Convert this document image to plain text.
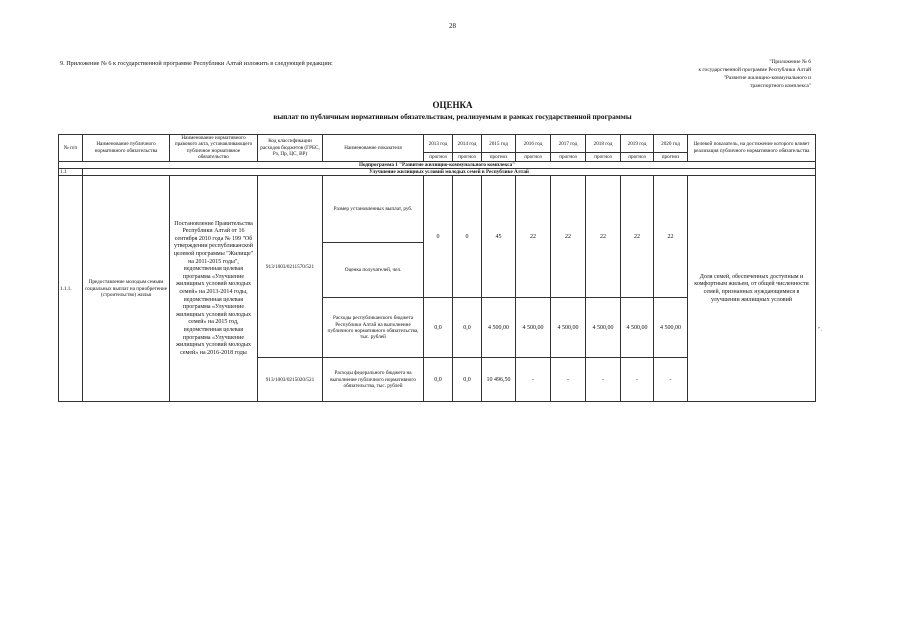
28
9. Приложение № 6 к государственной программе Республики Алтай изложить в следующей редакции:	"Приложение № 6
к государственной программе Республики Алтай
"Развитие жилищно-коммунального и
транспортного комплекса"
ОЦЕНКА
выплат по публичным нормативным обязательствам, реализуемым в рамках государственной программы
№ п/п	Наименование публичного нормативного обязательства	Наименование нормативного правового акта, устанавливающего публичное нормативное обязательство	Код классификации расходов бюджетов (ГРБС, Рз, Пр, ЦС, ВР)	Наименование показателя	2013 год	2014 год	2015 год	2016 год	2017 год	2018 год	2019 год	2020 год	Целевой показатель, на достижение которого влияет реализация публичного нормативного обязательства
					прогноз	прогноз	прогноз	прогноз	прогноз	прогноз	прогноз	прогноз	
Подпрограмма 1 "Развитие жилищно-коммунального комплекса"													
1.1	Улучшение жилищных условий молодых семей в Республике Алтай												
1.1.1.	Предоставление молодым семьям социальных выплат на приобретение (строительство) жилья	Постановление Правительства Республики Алтай от 16 сентября 2010 года № 199 "Об утверждении республиканской целевой программы "Жилище" на 2011-2015 годы", ведомственная целевая программа «Улучшение жилищных условий молодых семей» на 2013-2014 годы, ведомственная целевая программа «Улучшение жилищных условий молодых семей» на 2015 год, ведомственная целевая программа «Улучшение жилищных условий молодых семей» на 2016-2018 годы	913/1003/0211570/521	Размер установленных выплат, руб.	0	0	45	22	22	22	22	22	Доля семей, обеспеченных доступным и комфортным жильем, от общей численности семей, признанных нуждающимися в улучшении жилищных условий
				Оценка получателей, чел.									
				Расходы республиканского бюджета Республики Алтай на выполнение публичного нормативного обязательства, тыс. рублей	0,0	0,0	4 500,00	4 500,00	4 500,00	4 500,00	4 500,00	4 500,00	
			913/1003/0215020/521	Расходы федерального бюджета на выполнение публичного нормативного обязательства, тыс. рублей	0,0	0,0	10 496,50	-	-	-	-	-	
".
